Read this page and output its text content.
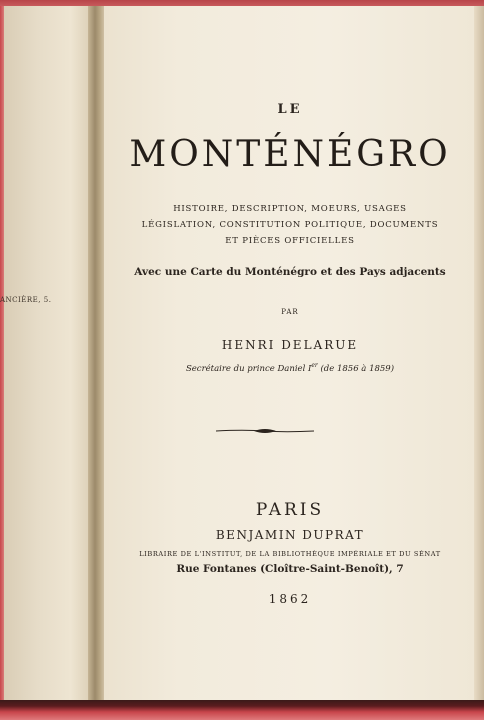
ANCIÈRE, 5.
LE
MONTÉNÉGRO
HISTOIRE, DESCRIPTION, MOEURS, USAGES
LÉGISLATION, CONSTITUTION POLITIQUE, DOCUMENTS
ET PIÈCES OFFICIELLES
Avec une Carte du Monténégro et des Pays adjacents
PAR
HENRI DELARUE
Secrétaire du prince Daniel Ier (de 1856 à 1859)
PARIS
BENJAMIN DUPRAT
LIBRAIRE DE L'INSTITUT, DE LA BIBLIOTHÈQUE IMPÉRIALE ET DU SÉNAT
Rue Fontanes (Cloître-Saint-Benoît), 7
1862
